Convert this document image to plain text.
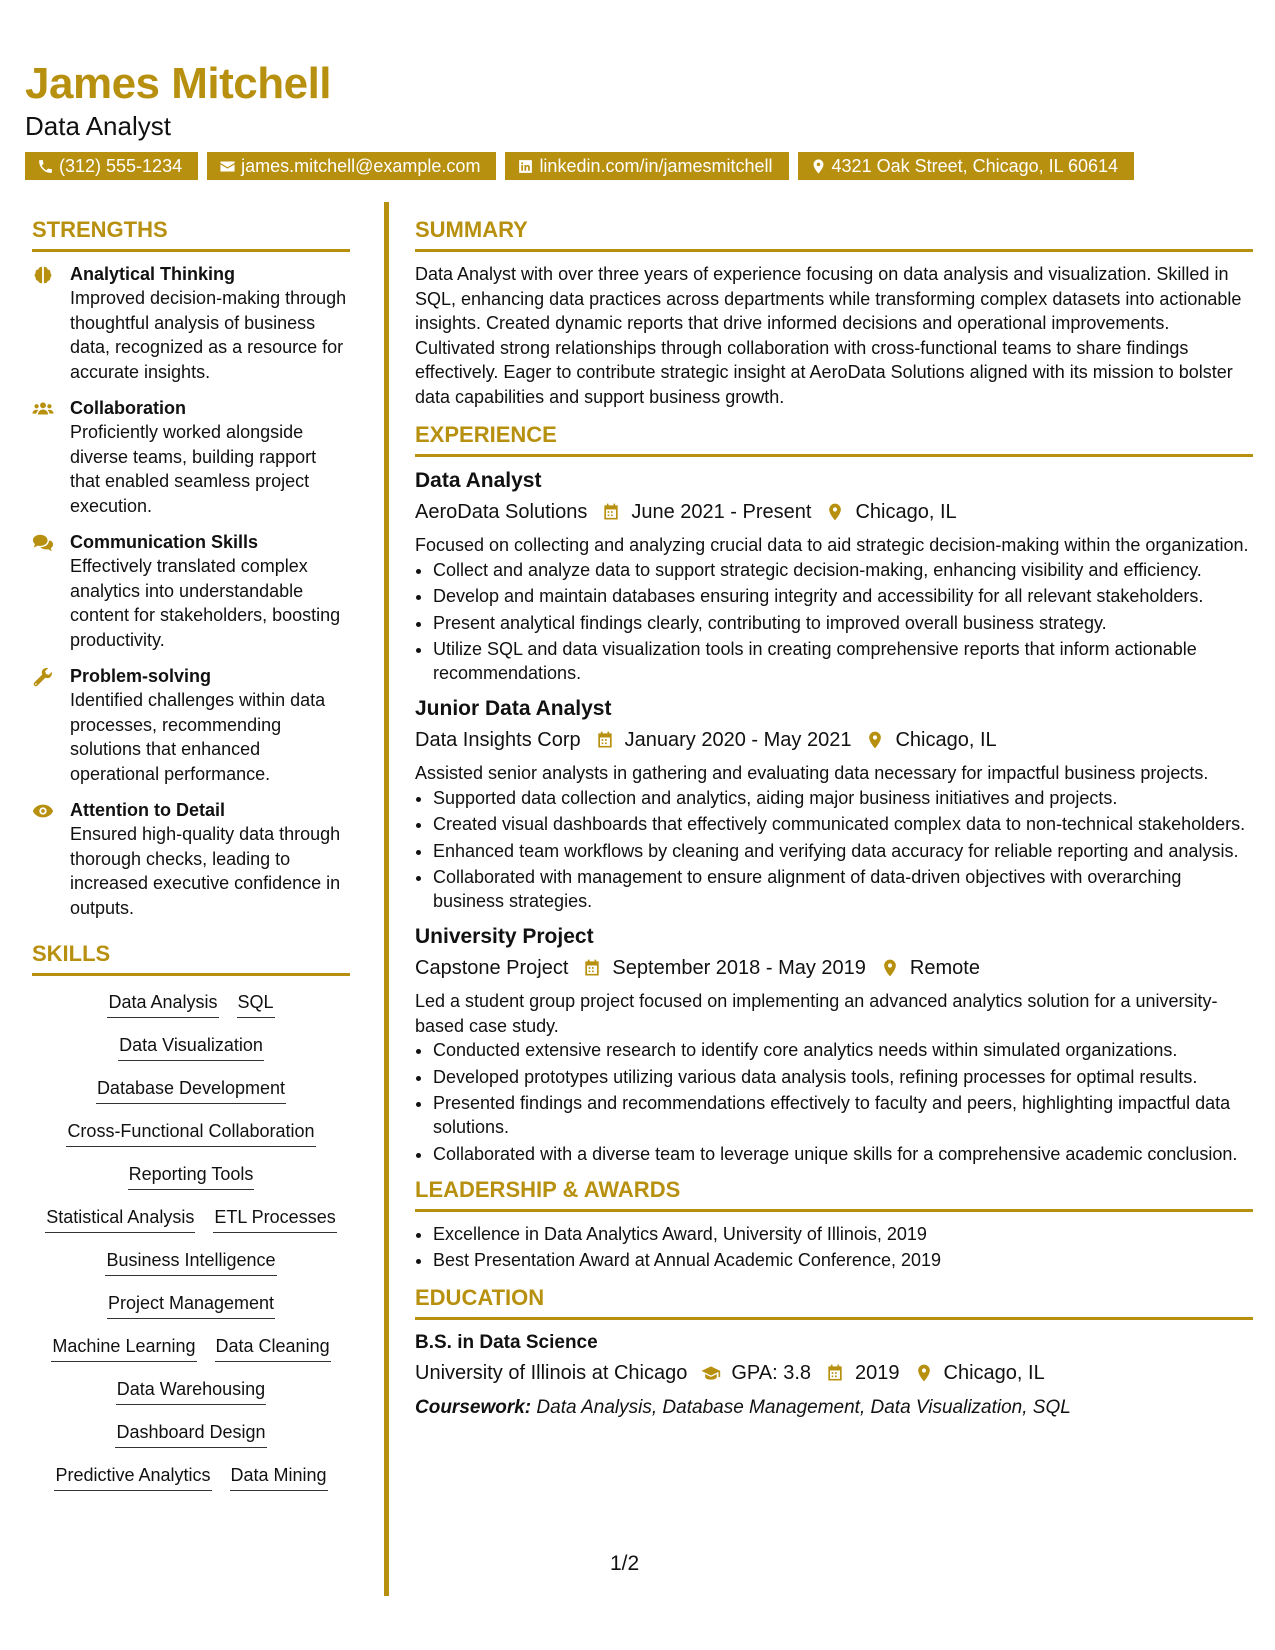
James Mitchell
Data Analyst
(312) 555-1234	james.mitchell@example.com	linkedin.com/in/jamesmitchell	4321 Oak Street, Chicago, IL 60614
STRENGTHS
Analytical Thinking
Improved decision-making through thoughtful analysis of business data, recognized as a resource for accurate insights.
Collaboration
Proficiently worked alongside diverse teams, building rapport that enabled seamless project execution.
Communication Skills
Effectively translated complex analytics into understandable content for stakeholders, boosting productivity.
Problem-solving
Identified challenges within data processes, recommending solutions that enhanced operational performance.
Attention to Detail
Ensured high-quality data through thorough checks, leading to increased executive confidence in outputs.
SKILLS
Data Analysis SQL
Data Visualization
Database Development
Cross-Functional Collaboration
Reporting Tools
Statistical Analysis ETL Processes
Business Intelligence
Project Management
Machine Learning Data Cleaning
Data Warehousing
Dashboard Design
Predictive Analytics Data Mining
SUMMARY
Data Analyst with over three years of experience focusing on data analysis and visualization. Skilled in SQL, enhancing data practices across departments while transforming complex datasets into actionable insights. Created dynamic reports that drive informed decisions and operational improvements. Cultivated strong relationships through collaboration with cross-functional teams to share findings effectively. Eager to contribute strategic insight at AeroData Solutions aligned with its mission to bolster data capabilities and support business growth.
EXPERIENCE
Data Analyst
AeroData Solutions June 2021 - Present Chicago, IL
Focused on collecting and analyzing crucial data to aid strategic decision-making within the organization.
• Collect and analyze data to support strategic decision-making, enhancing visibility and efficiency.
• Develop and maintain databases ensuring integrity and accessibility for all relevant stakeholders.
• Present analytical findings clearly, contributing to improved overall business strategy.
• Utilize SQL and data visualization tools in creating comprehensive reports that inform actionable recommendations.
Junior Data Analyst
Data Insights Corp January 2020 - May 2021 Chicago, IL
Assisted senior analysts in gathering and evaluating data necessary for impactful business projects.
• Supported data collection and analytics, aiding major business initiatives and projects.
• Created visual dashboards that effectively communicated complex data to non-technical stakeholders.
• Enhanced team workflows by cleaning and verifying data accuracy for reliable reporting and analysis.
• Collaborated with management to ensure alignment of data-driven objectives with overarching business strategies.
University Project
Capstone Project September 2018 - May 2019 Remote
Led a student group project focused on implementing an advanced analytics solution for a university-based case study.
• Conducted extensive research to identify core analytics needs within simulated organizations.
• Developed prototypes utilizing various data analysis tools, refining processes for optimal results.
• Presented findings and recommendations effectively to faculty and peers, highlighting impactful data solutions.
• Collaborated with a diverse team to leverage unique skills for a comprehensive academic conclusion.
LEADERSHIP & AWARDS
• Excellence in Data Analytics Award, University of Illinois, 2019
• Best Presentation Award at Annual Academic Conference, 2019
EDUCATION
B.S. in Data Science
University of Illinois at Chicago GPA: 3.8 2019 Chicago, IL
Coursework: Data Analysis, Database Management, Data Visualization, SQL
1/2
